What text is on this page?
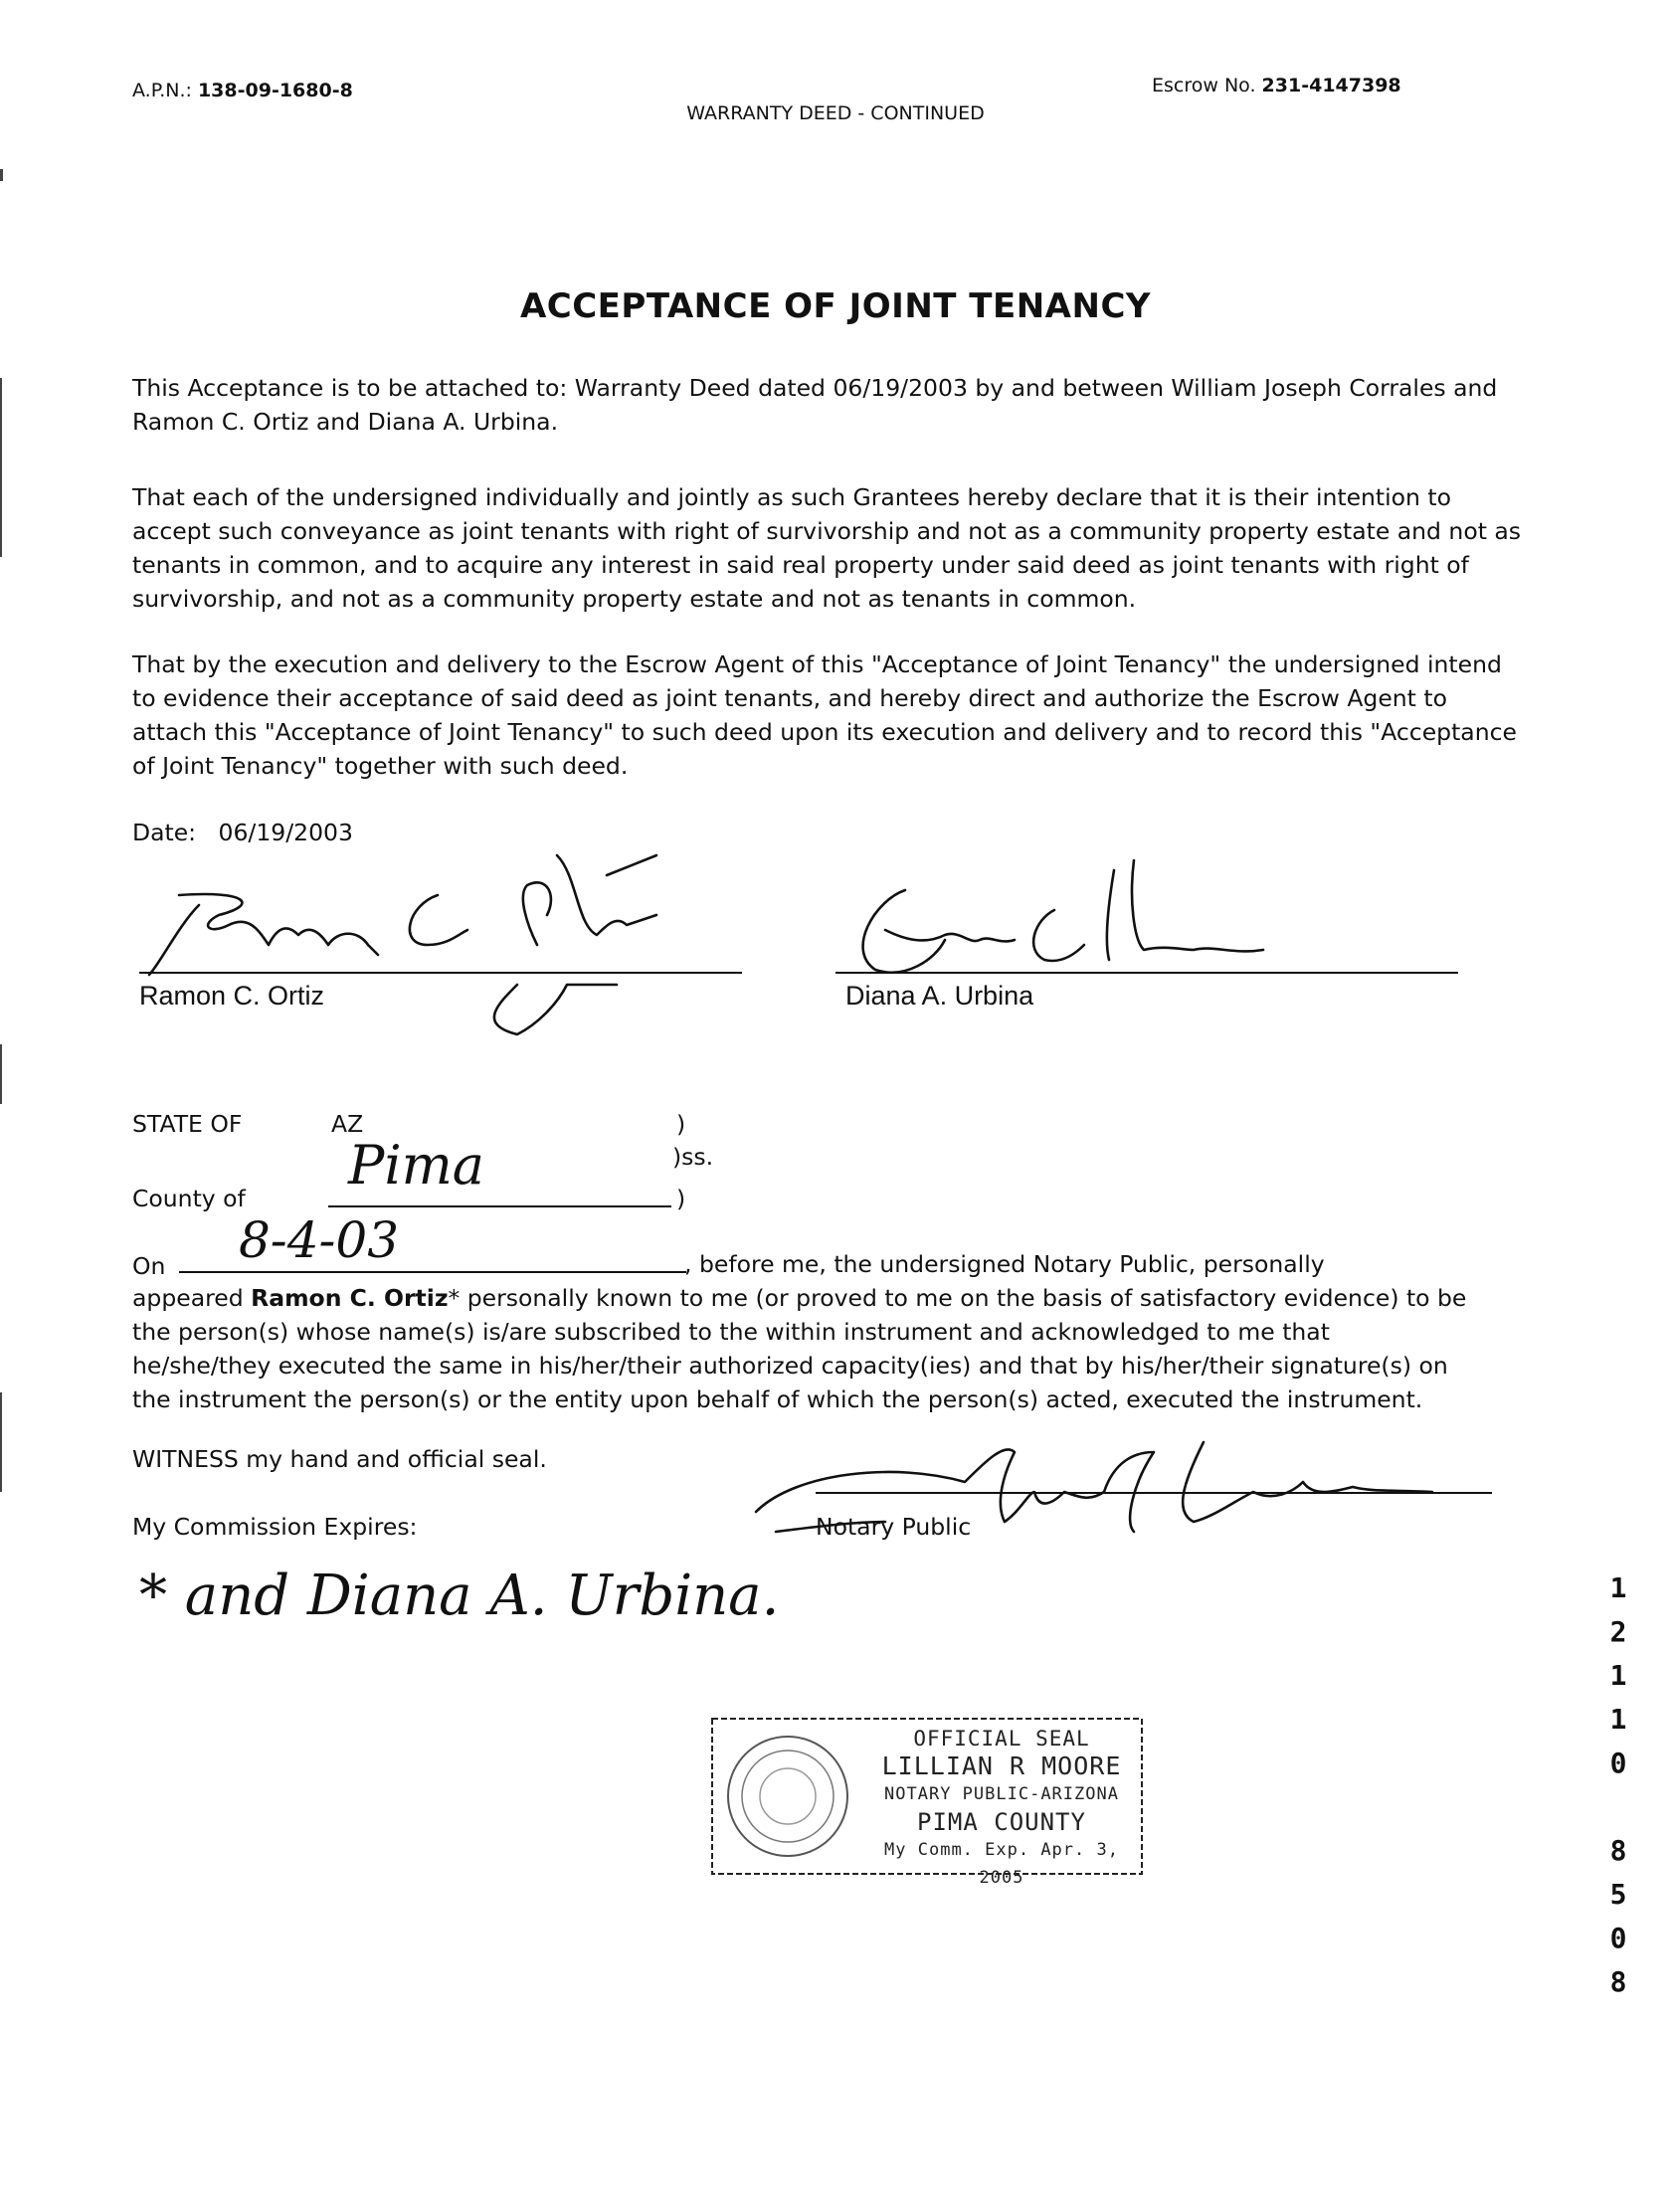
A.P.N.: 138-09-1680-8	Escrow No. 231-4147398
WARRANTY DEED - CONTINUED
ACCEPTANCE OF JOINT TENANCY
This Acceptance is to be attached to: Warranty Deed dated 06/19/2003 by and between William Joseph Corrales and Ramon C. Ortiz and Diana A. Urbina.
That each of the undersigned individually and jointly as such Grantees hereby declare that it is their intention to accept such conveyance as joint tenants with right of survivorship and not as a community property estate and not as tenants in common, and to acquire any interest in said real property under said deed as joint tenants with right of survivorship, and not as a community property estate and not as tenants in common.
That by the execution and delivery to the Escrow Agent of this "Acceptance of Joint Tenancy" the undersigned intend to evidence their acceptance of said deed as joint tenants, and hereby direct and authorize the Escrow Agent to attach this "Acceptance of Joint Tenancy" to such deed upon its execution and delivery and to record this "Acceptance of Joint Tenancy" together with such deed.
Date: 06/19/2003
Ramon C. Ortiz	Diana A. Urbina
STATE OF	AZ	)
)ss.
County of
Pima
)
On	8-4-03	, before me, the undersigned Notary Public, personally
appeared Ramon C. Ortiz* personally known to me (or proved to me on the basis of satisfactory evidence) to be
the person(s) whose name(s) is/are subscribed to the within instrument and acknowledged to me that
he/she/they executed the same in his/her/their authorized capacity(ies) and that by his/her/their signature(s) on
the instrument the person(s) or the entity upon behalf of which the person(s) acted, executed the instrument.
WITNESS my hand and official seal.
My Commission Expires:	Notary Public
* and Diana A. Urbina.
OFFICIAL SEAL
LILLIAN R MOORE
NOTARY PUBLIC-ARIZONA
PIMA COUNTY
My Comm. Exp. Apr. 3, 2005
1
2
1
1
0
8
5
0
8
